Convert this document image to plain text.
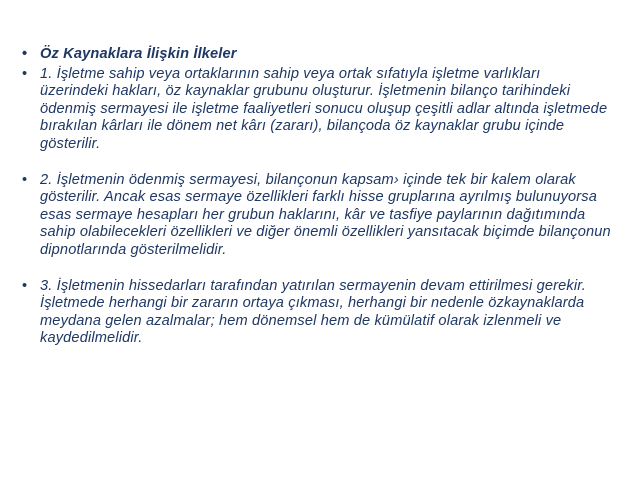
• Öz Kaynaklara İlişkin İlkeler
• 1. İşletme sahip veya ortaklarının sahip veya ortak sıfatıyla işletme varlıkları üzerindeki hakları, öz kaynaklar grubunu oluşturur. İşletmenin bilanço tarihindeki ödenmiş sermayesi ile işletme faaliyetleri sonucu oluşup çeşitli adlar altında işletmede bırakılan kârları ile dönem net kârı (zararı), bilançoda öz kaynaklar grubu içinde gösterilir.
• 2. İşletmenin ödenmiş sermayesi, bilançonun kapsam› içinde tek bir kalem olarak gösterilir. Ancak esas sermaye özellikleri farklı hisse gruplarına ayrılmış bulunuyorsa esas sermaye hesapları her grubun haklarını, kâr ve tasfiye paylarının dağıtımında sahip olabilecekleri özellikleri ve diğer önemli özellikleri yansıtacak biçimde bilançonun dipnotlarında gösterilmelidir.
• 3. İşletmenin hissedarları tarafından yatırılan sermayenin devam ettirilmesi gerekir. İşletmede herhangi bir zararın ortaya çıkması, herhangi bir nedenle özkaynaklarda meydana gelen azalmalar; hem dönemsel hem de kümülatif olarak izlenmeli ve kaydedilmelidir.
